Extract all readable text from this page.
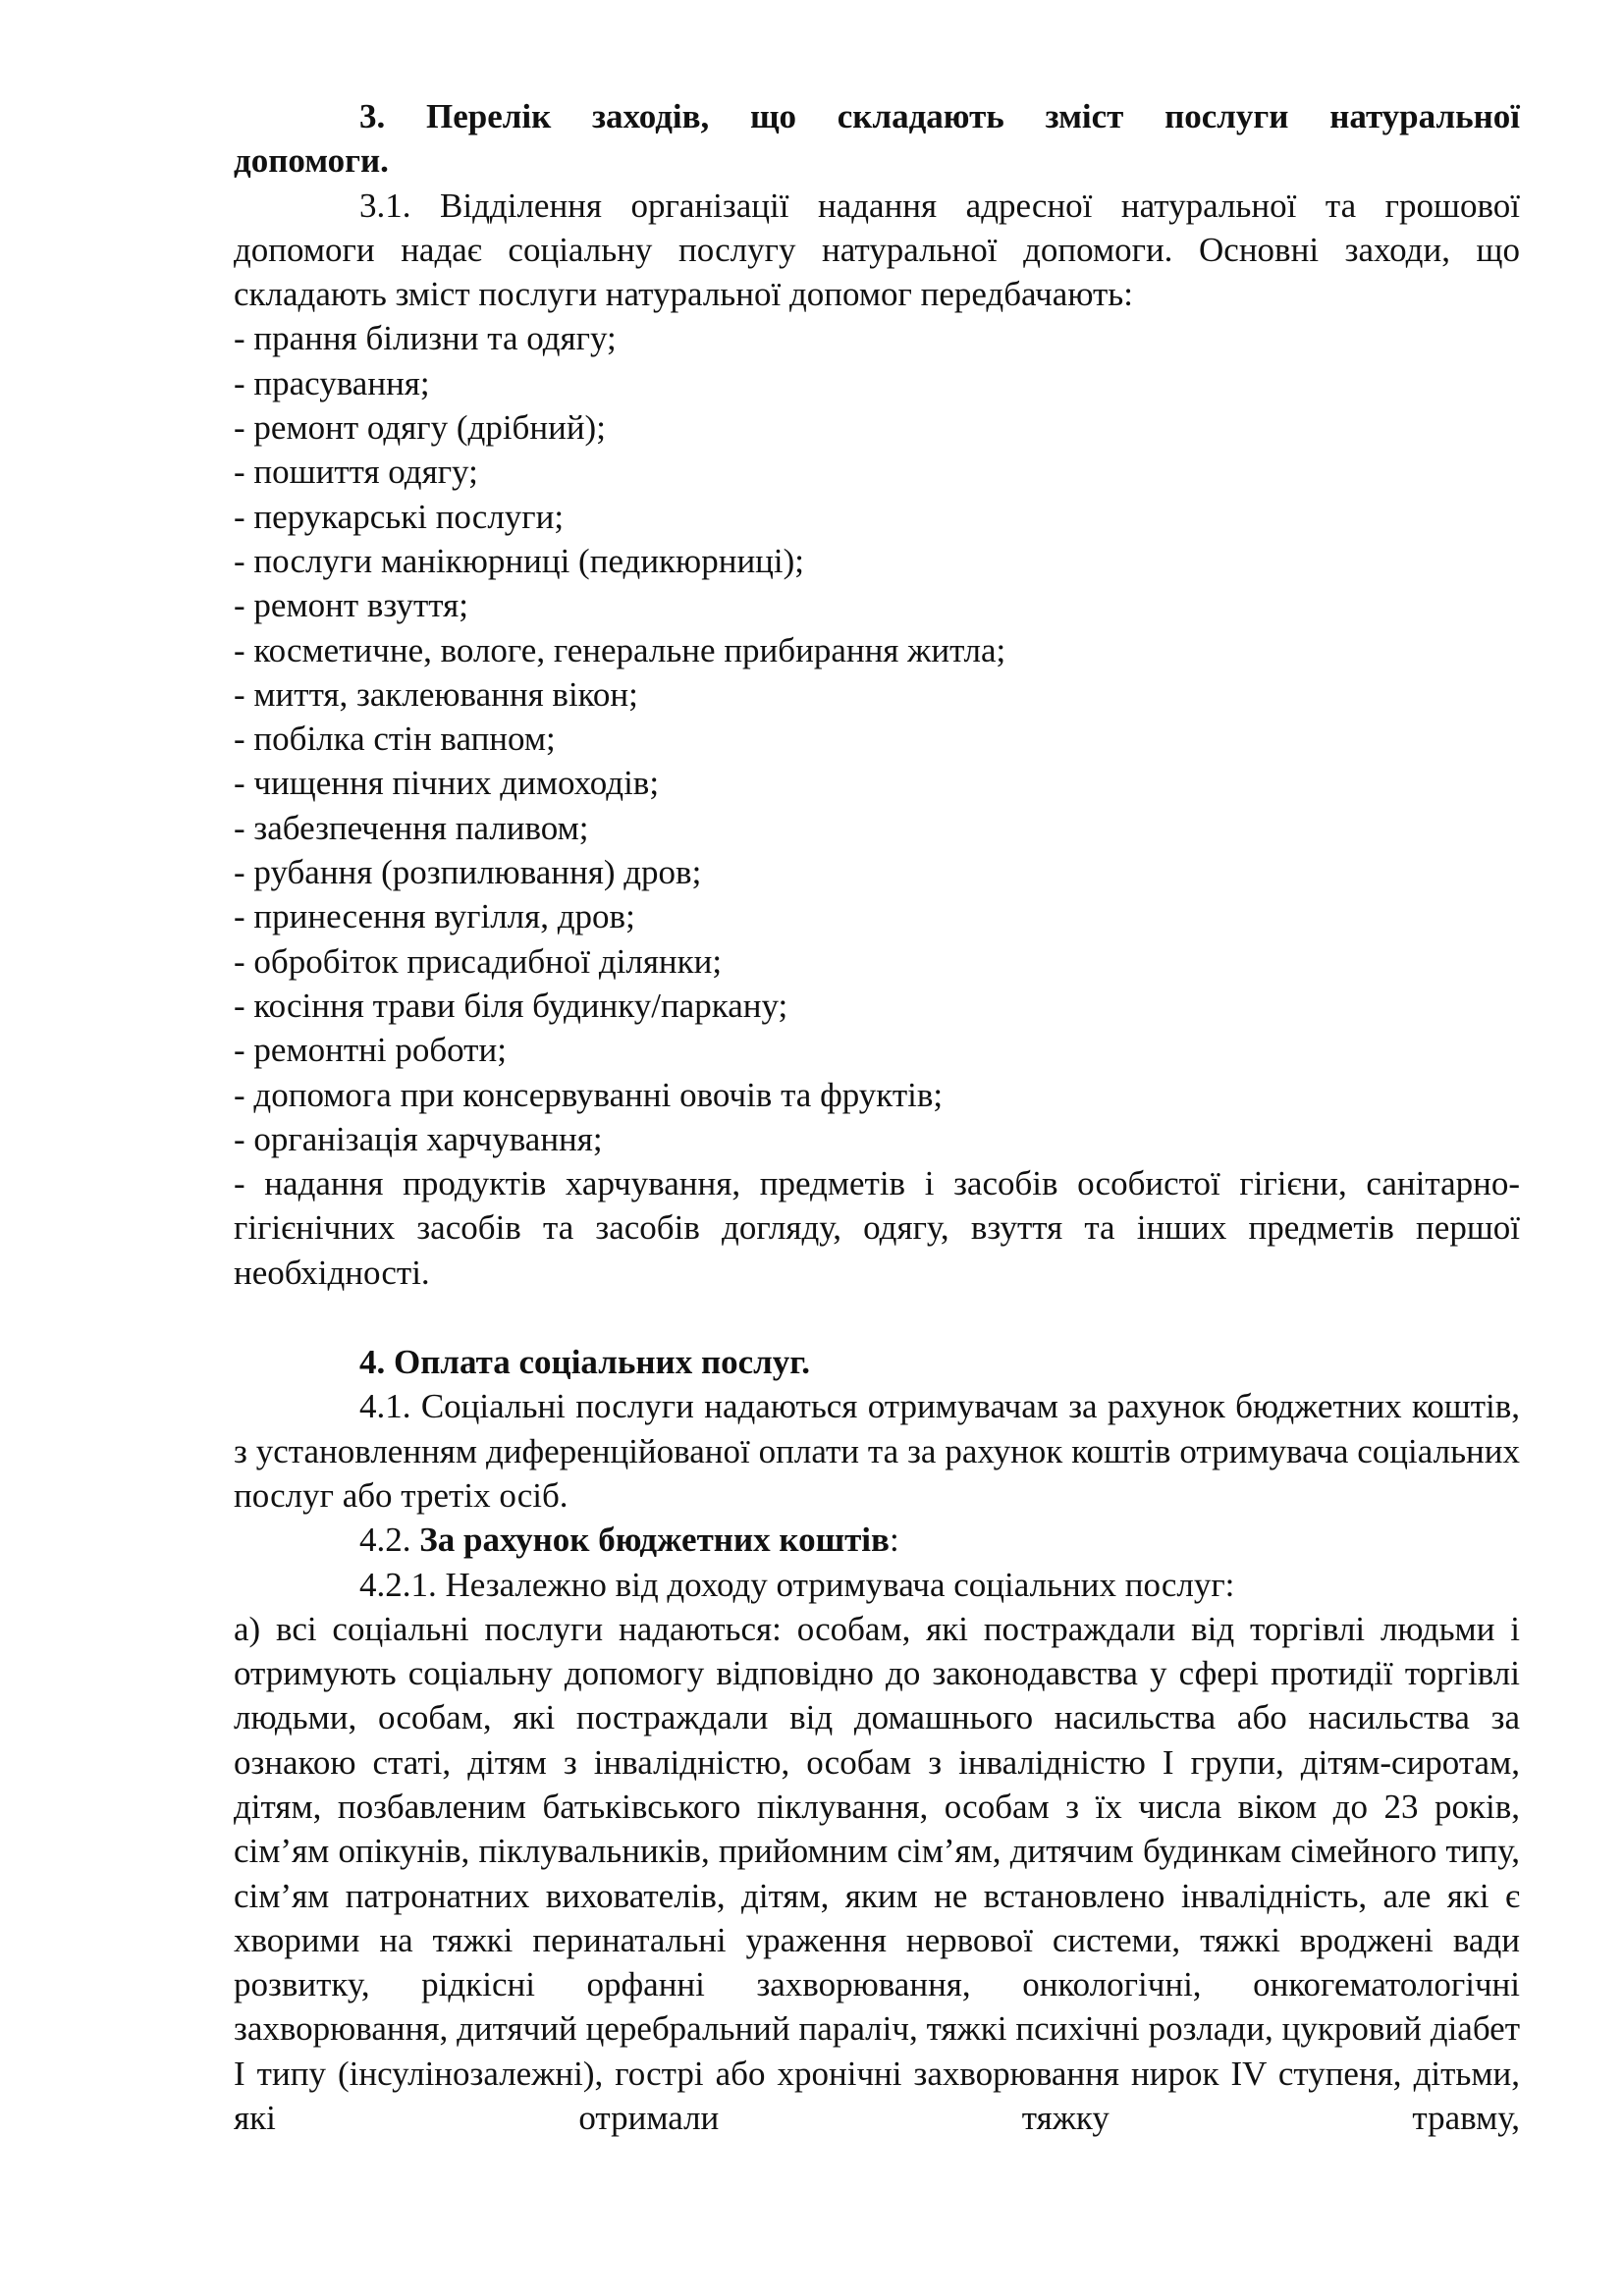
3. Перелік заходів, що складають зміст послуги натуральної

допомоги.

3.1. Відділення організації надання адресної натуральної та грошової допомоги надає соціальну послугу натуральної допомоги. Основні заходи, що складають зміст послуги натуральної допомог передбачають:

- прання білизни та одягу;

- прасування;

- ремонт одягу (дрібний);

- пошиття одягу;

- перукарські послуги;

- послуги манікюрниці (педикюрниці);

- ремонт взуття;

- косметичне, вологе, генеральне прибирання житла;

- миття, заклеювання вікон;

- побілка стін вапном;

- чищення пічних димоходів;

- забезпечення паливом;

- рубання (розпилювання) дров;

- принесення вугілля, дров;

- обробіток присадибної ділянки;

- косіння трави біля будинку/паркану;

- ремонтні роботи;

- допомога при консервуванні овочів та фруктів;

- організація харчування;

- надання продуктів харчування, предметів і засобів особистої гігієни, санітарно-гігієнічних засобів та засобів догляду, одягу, взуття та інших предметів першої необхідності.

4. Оплата соціальних послуг.

4.1. Соціальні послуги надаються отримувачам за рахунок бюджетних коштів, з установленням диференційованої оплати та за рахунок коштів отримувача соціальних послуг або третіх осіб.

4.2. За рахунок бюджетних коштів:

4.2.1. Незалежно від доходу отримувача соціальних послуг:

а) всі соціальні послуги надаються: особам, які постраждали від торгівлі людьми і отримують соціальну допомогу відповідно до законодавства у сфері протидії торгівлі людьми, особам, які постраждали від домашнього насильства або насильства за ознакою статі, дітям з інвалідністю, особам з інвалідністю I групи, дітям-сиротам, дітям, позбавленим батьківського піклування, особам з їх числа віком до 23 років, сім’ям опікунів, піклувальників, прийомним сім’ям, дитячим будинкам сімейного типу, сім’ям патронатних вихователів, дітям, яким не встановлено інвалідність, але які є хворими на тяжкі перинатальні ураження нервової системи, тяжкі вроджені вади розвитку, рідкісні орфанні захворювання, онкологічні, онкогематологічні захворювання, дитячий церебральний параліч, тяжкі психічні розлади, цукровий діабет I типу (інсулінозалежні), гострі або хронічні захворювання нирок IV ступеня, дітьми, які отримали тяжку травму,
